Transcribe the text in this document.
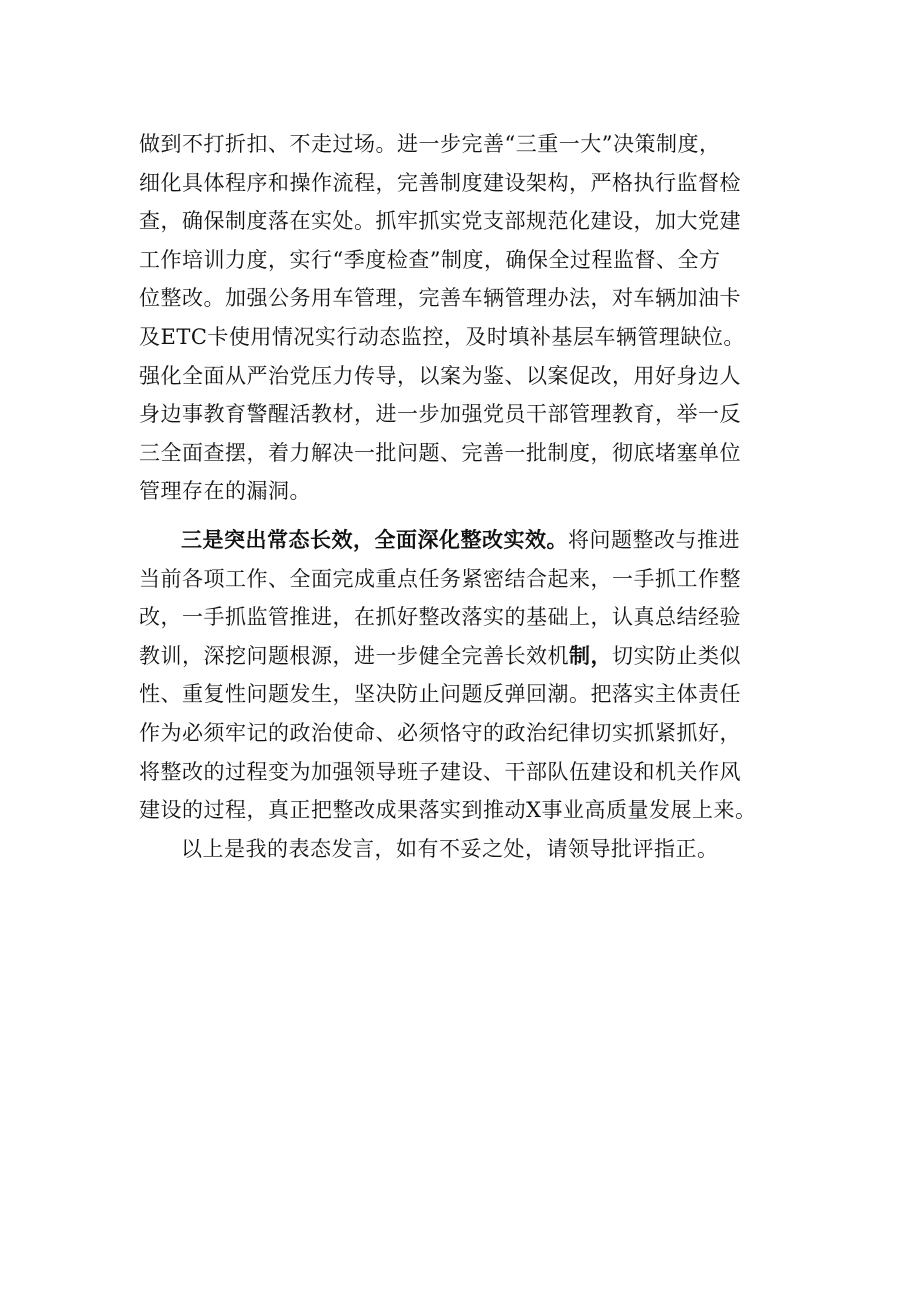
做到不打折扣、不走过场。进一步完善“三重一大”决策制度，
细化具体程序和操作流程，完善制度建设架构，严格执行监督检
查，确保制度落在实处。抓牢抓实党支部规范化建设，加大党建
工作培训力度，实行“季度检查”制度，确保全过程监督、全方
位整改。加强公务用车管理，完善车辆管理办法，对车辆加油卡
及ETC卡使用情况实行动态监控，及时填补基层车辆管理缺位。
强化全面从严治党压力传导，以案为鉴、以案促改，用好身边人
身边事教育警醒活教材，进一步加强党员干部管理教育，举一反
三全面查摆，着力解决一批问题、完善一批制度，彻底堵塞单位
管理存在的漏洞。
三是突出常态长效，全面深化整改实效。将问题整改与推进
当前各项工作、全面完成重点任务紧密结合起来，一手抓工作整
改，一手抓监管推进，在抓好整改落实的基础上，认真总结经验
教训，深挖问题根源，进一步健全完善长效机制，切实防止类似
性、重复性问题发生，坚决防止问题反弹回潮。把落实主体责任
作为必须牢记的政治使命、必须恪守的政治纪律切实抓紧抓好，
将整改的过程变为加强领导班子建设、干部队伍建设和机关作风
建设的过程，真正把整改成果落实到推动X事业高质量发展上来。
以上是我的表态发言，如有不妥之处，请领导批评指正。
